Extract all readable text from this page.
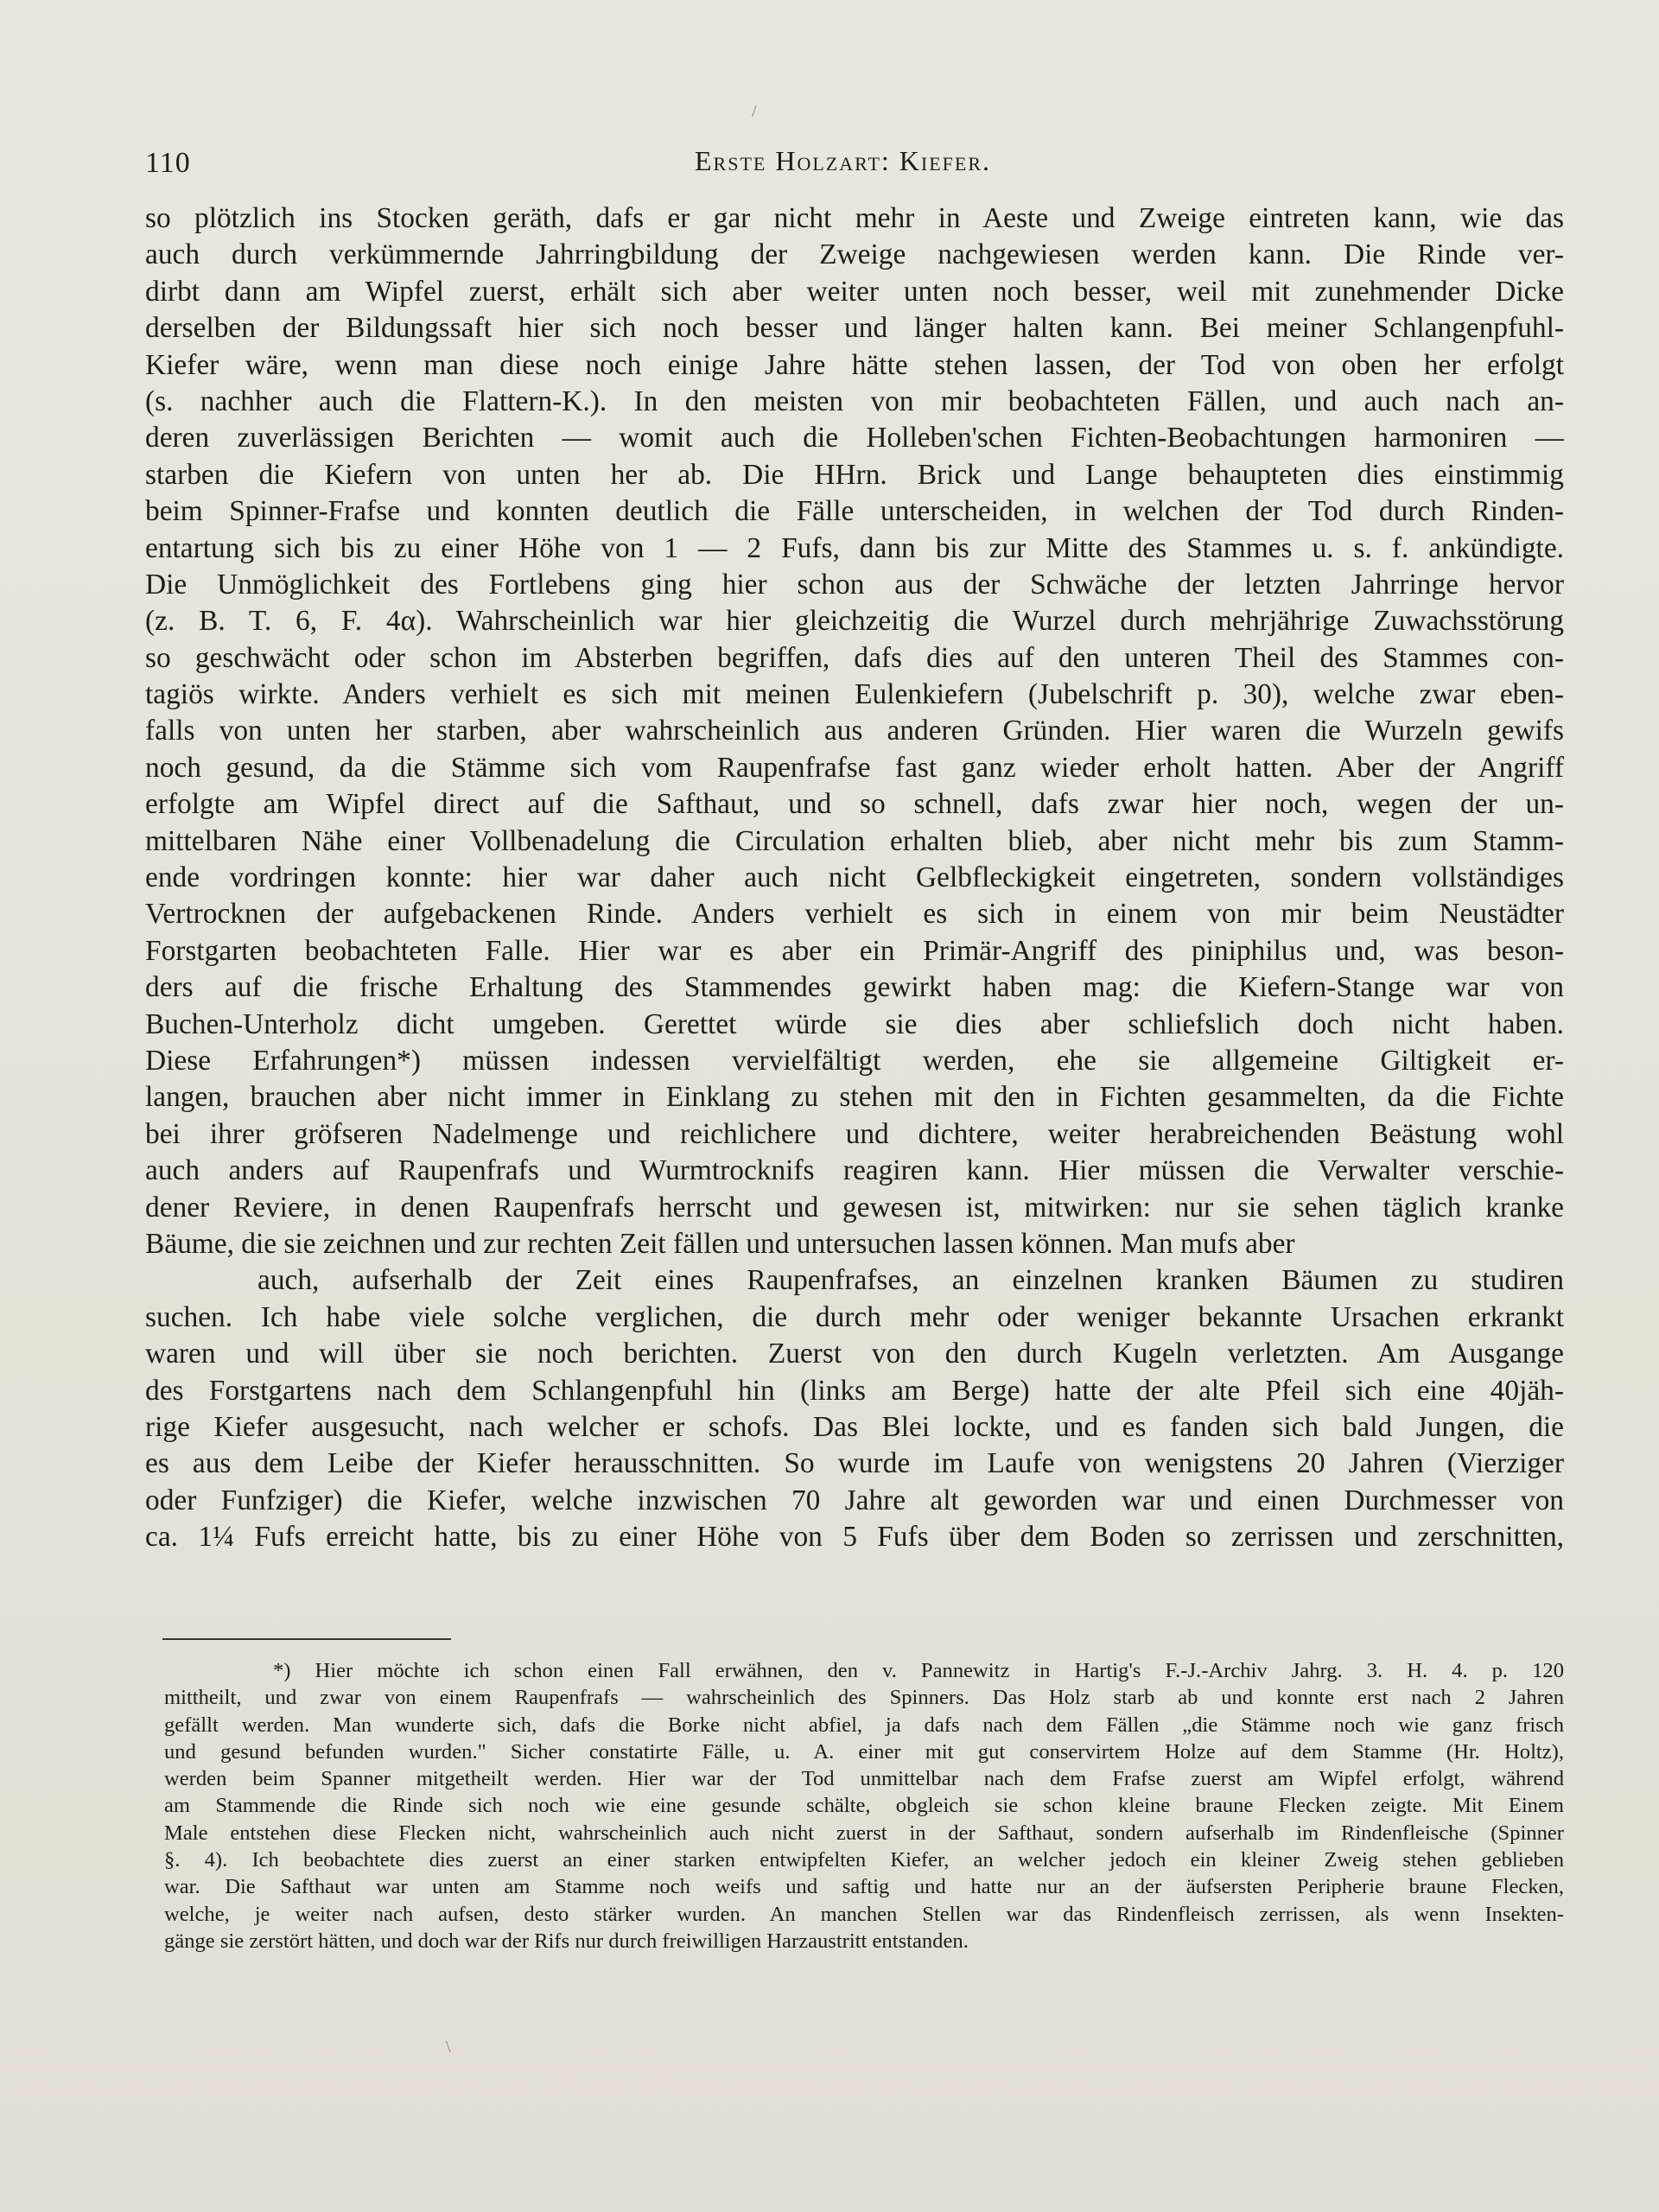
/
110	Erste Holzart: Kiefer.
so plötzlich ins Stocken geräth, dafs er gar nicht mehr in Aeste und Zweige eintreten kann, wie das
auch durch verkümmernde Jahrringbildung der Zweige nachgewiesen werden kann. Die Rinde ver-
dirbt dann am Wipfel zuerst, erhält sich aber weiter unten noch besser, weil mit zunehmender Dicke
derselben der Bildungssaft hier sich noch besser und länger halten kann. Bei meiner Schlangenpfuhl-
Kiefer wäre, wenn man diese noch einige Jahre hätte stehen lassen, der Tod von oben her erfolgt
(s. nachher auch die Flattern-K.). In den meisten von mir beobachteten Fällen, und auch nach an-
deren zuverlässigen Berichten — womit auch die Holleben'schen Fichten-Beobachtungen harmoniren —
starben die Kiefern von unten her ab. Die HHrn. Brick und Lange behaupteten dies einstimmig
beim Spinner-Frafse und konnten deutlich die Fälle unterscheiden, in welchen der Tod durch Rinden-
entartung sich bis zu einer Höhe von 1 — 2 Fufs, dann bis zur Mitte des Stammes u. s. f. ankündigte.
Die Unmöglichkeit des Fortlebens ging hier schon aus der Schwäche der letzten Jahrringe hervor
(z. B. T. 6, F. 4α). Wahrscheinlich war hier gleichzeitig die Wurzel durch mehrjährige Zuwachsstörung
so geschwächt oder schon im Absterben begriffen, dafs dies auf den unteren Theil des Stammes con-
tagiös wirkte. Anders verhielt es sich mit meinen Eulenkiefern (Jubelschrift p. 30), welche zwar eben-
falls von unten her starben, aber wahrscheinlich aus anderen Gründen. Hier waren die Wurzeln gewifs
noch gesund, da die Stämme sich vom Raupenfrafse fast ganz wieder erholt hatten. Aber der Angriff
erfolgte am Wipfel direct auf die Safthaut, und so schnell, dafs zwar hier noch, wegen der un-
mittelbaren Nähe einer Vollbenadelung die Circulation erhalten blieb, aber nicht mehr bis zum Stamm-
ende vordringen konnte: hier war daher auch nicht Gelbfleckigkeit eingetreten, sondern vollständiges
Vertrocknen der aufgebackenen Rinde. Anders verhielt es sich in einem von mir beim Neustädter
Forstgarten beobachteten Falle. Hier war es aber ein Primär-Angriff des piniphilus und, was beson-
ders auf die frische Erhaltung des Stammendes gewirkt haben mag: die Kiefern-Stange war von
Buchen-Unterholz dicht umgeben. Gerettet würde sie dies aber schliefslich doch nicht haben.
Diese Erfahrungen*) müssen indessen vervielfältigt werden, ehe sie allgemeine Giltigkeit er-
langen, brauchen aber nicht immer in Einklang zu stehen mit den in Fichten gesammelten, da die Fichte
bei ihrer gröfseren Nadelmenge und reichlichere und dichtere, weiter herabreichenden Beästung wohl
auch anders auf Raupenfrafs und Wurmtrocknifs reagiren kann. Hier müssen die Verwalter verschie-
dener Reviere, in denen Raupenfrafs herrscht und gewesen ist, mitwirken: nur sie sehen täglich kranke
Bäume, die sie zeichnen und zur rechten Zeit fällen und untersuchen lassen können. Man mufs aber
auch, aufserhalb der Zeit eines Raupenfrafses, an einzelnen kranken Bäumen zu studiren
suchen. Ich habe viele solche verglichen, die durch mehr oder weniger bekannte Ursachen erkrankt
waren und will über sie noch berichten. Zuerst von den durch Kugeln verletzten. Am Ausgange
des Forstgartens nach dem Schlangenpfuhl hin (links am Berge) hatte der alte Pfeil sich eine 40jäh-
rige Kiefer ausgesucht, nach welcher er schofs. Das Blei lockte, und es fanden sich bald Jungen, die
es aus dem Leibe der Kiefer herausschnitten. So wurde im Laufe von wenigstens 20 Jahren (Vierziger
oder Funfziger) die Kiefer, welche inzwischen 70 Jahre alt geworden war und einen Durchmesser von
ca. 1¼ Fufs erreicht hatte, bis zu einer Höhe von 5 Fufs über dem Boden so zerrissen und zerschnitten,
*) Hier möchte ich schon einen Fall erwähnen, den v. Pannewitz in Hartig's F.-J.-Archiv Jahrg. 3. H. 4. p. 120
mittheilt, und zwar von einem Raupenfrafs — wahrscheinlich des Spinners. Das Holz starb ab und konnte erst nach 2 Jahren
gefällt werden. Man wunderte sich, dafs die Borke nicht abfiel, ja dafs nach dem Fällen „die Stämme noch wie ganz frisch
und gesund befunden wurden." Sicher constatirte Fälle, u. A. einer mit gut conservirtem Holze auf dem Stamme (Hr. Holtz),
werden beim Spanner mitgetheilt werden. Hier war der Tod unmittelbar nach dem Frafse zuerst am Wipfel erfolgt, während
am Stammende die Rinde sich noch wie eine gesunde schälte, obgleich sie schon kleine braune Flecken zeigte. Mit Einem
Male entstehen diese Flecken nicht, wahrscheinlich auch nicht zuerst in der Safthaut, sondern aufserhalb im Rindenfleische (Spinner
§. 4). Ich beobachtete dies zuerst an einer starken entwipfelten Kiefer, an welcher jedoch ein kleiner Zweig stehen geblieben
war. Die Safthaut war unten am Stamme noch weifs und saftig und hatte nur an der äufsersten Peripherie braune Flecken,
welche, je weiter nach aufsen, desto stärker wurden. An manchen Stellen war das Rindenfleisch zerrissen, als wenn Insekten-
gänge sie zerstört hätten, und doch war der Rifs nur durch freiwilligen Harzaustritt entstanden.
\
